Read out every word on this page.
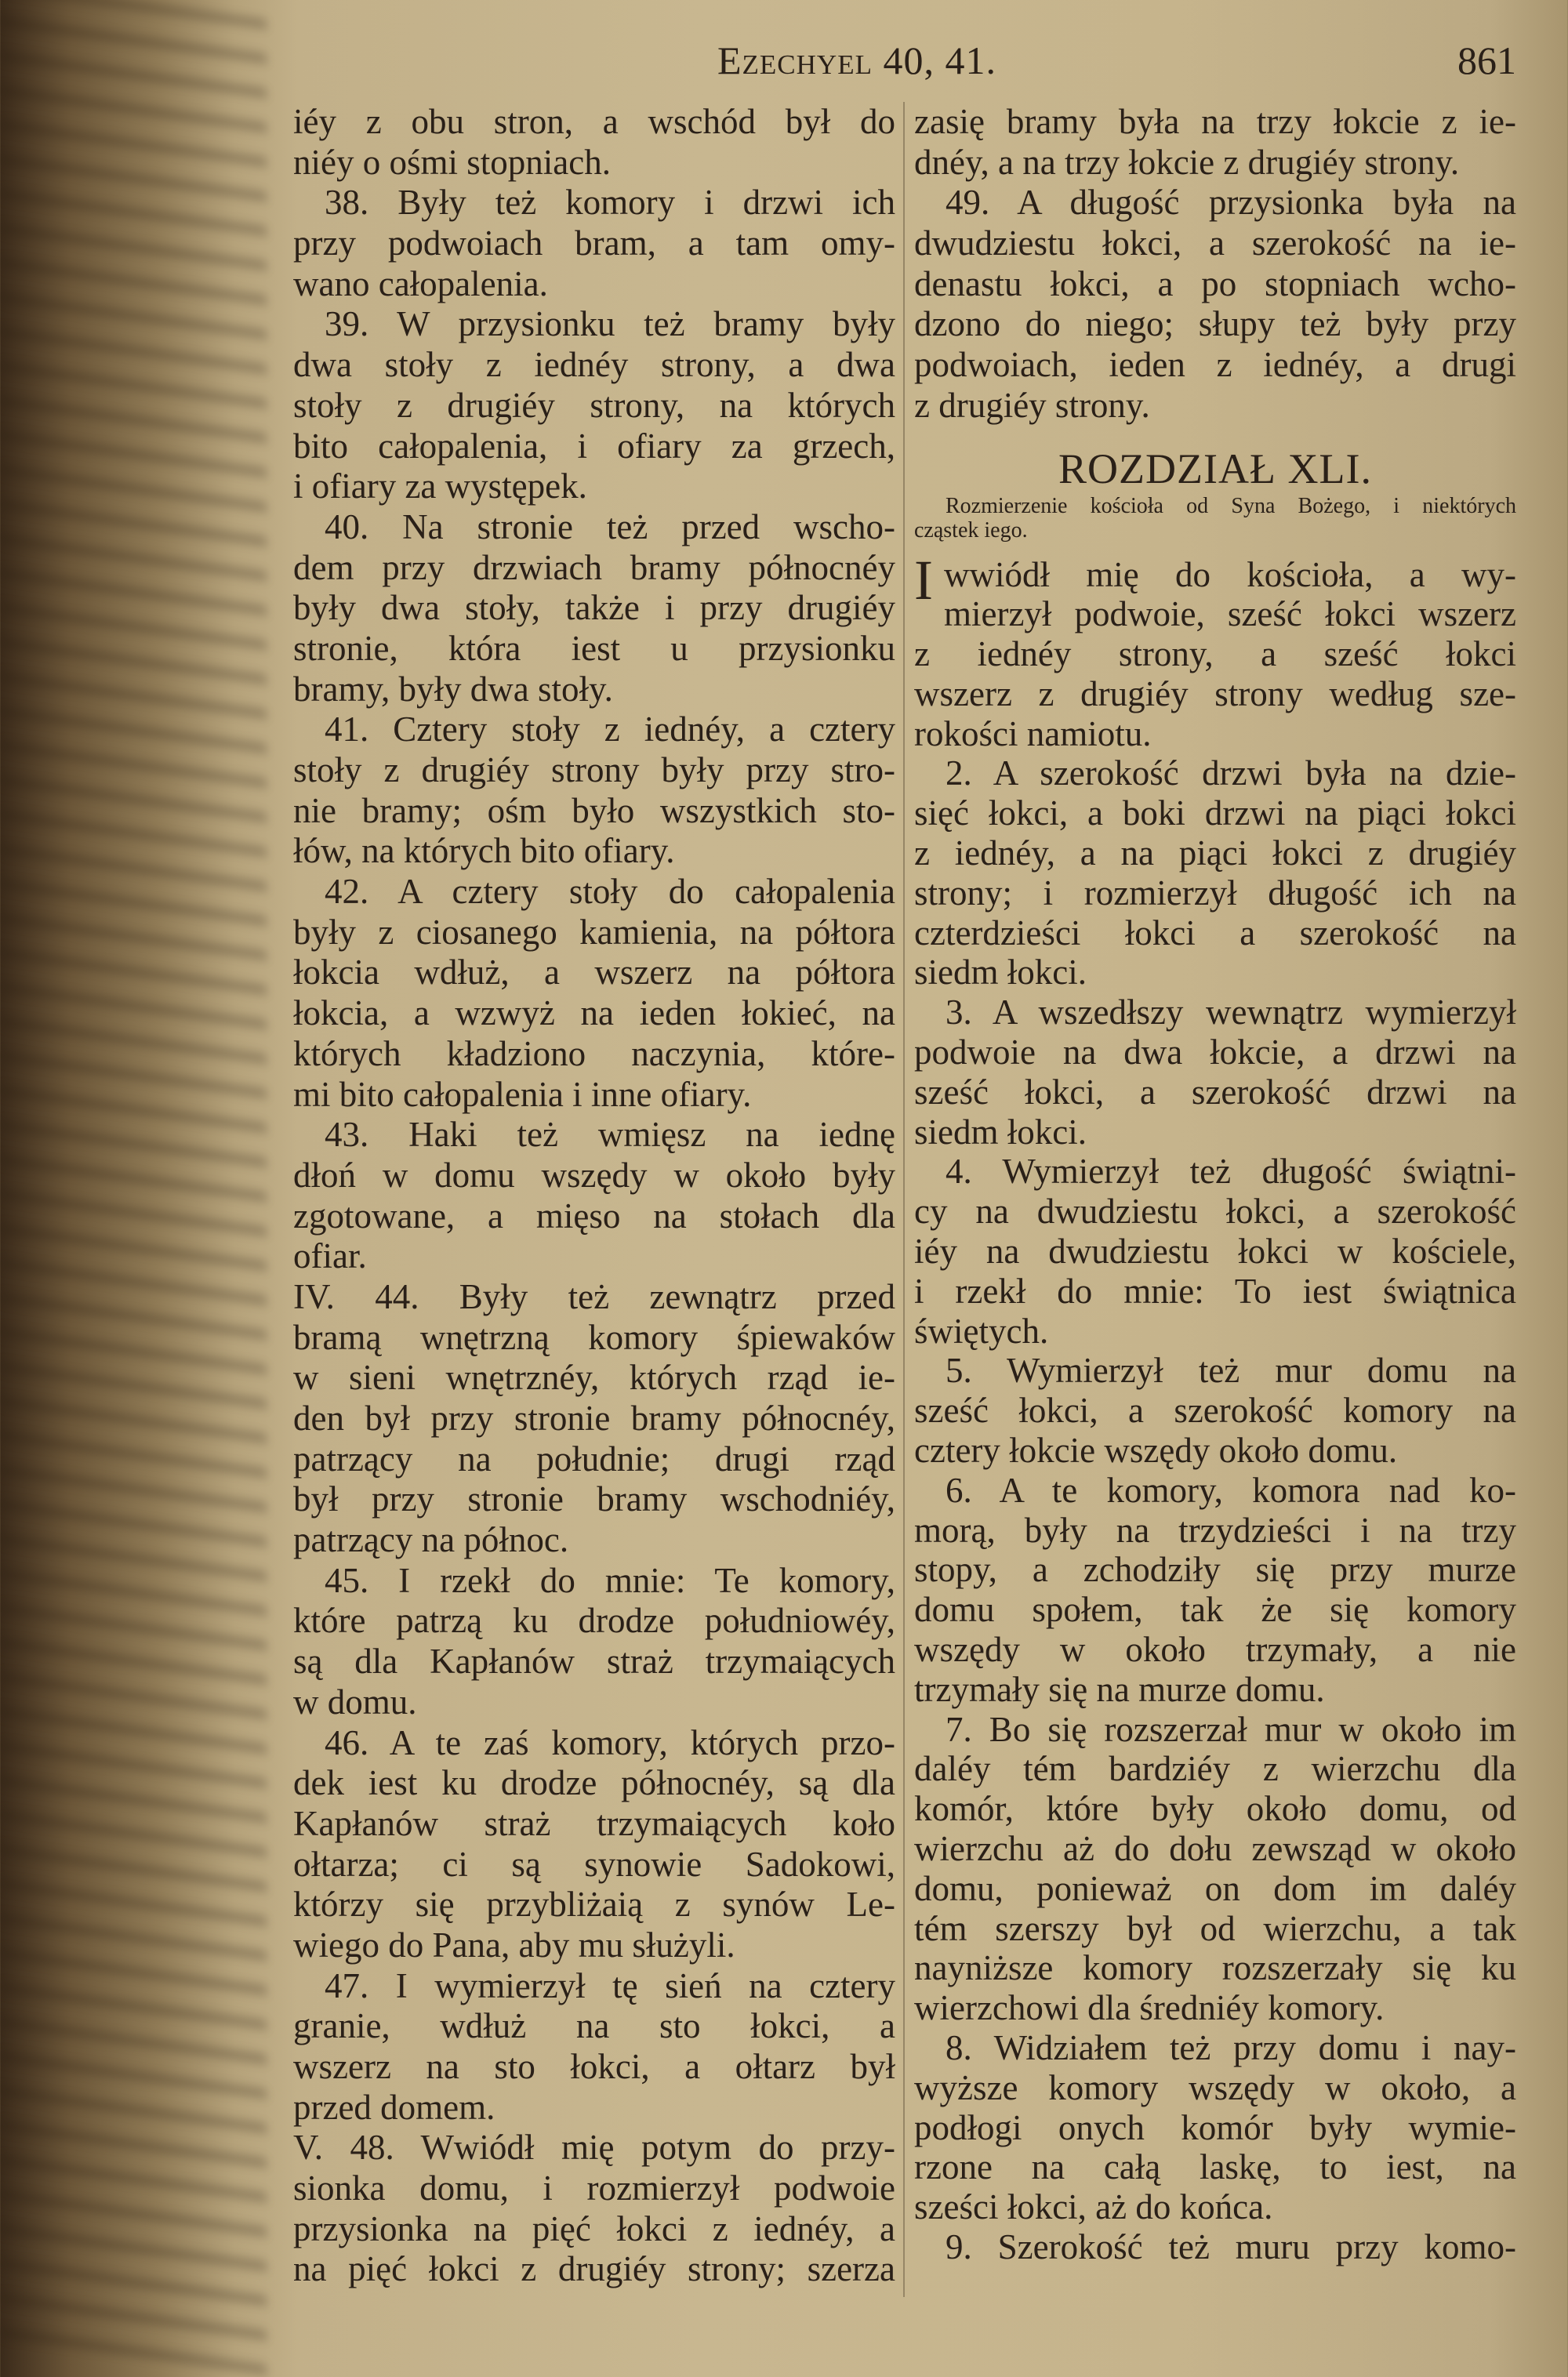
Ezechyel 40, 41.	861
iéy z obu stron, a wschód był do
niéy o ośmi stopniach.
38. Były też komory i drzwi ich
przy podwoiach bram, a tam omy-
wano całopalenia.
39. W przysionku też bramy były
dwa stoły z iednéy strony, a dwa
stoły z drugiéy strony, na których
bito całopalenia, i ofiary za grzech,
i ofiary za występek.
40. Na stronie też przed wscho-
dem przy drzwiach bramy północnéy
były dwa stoły, także i przy drugiéy
stronie, która iest u przysionku
bramy, były dwa stoły.
41. Cztery stoły z iednéy, a cztery
stoły z drugiéy strony były przy stro-
nie bramy; ośm było wszystkich sto-
łów, na których bito ofiary.
42. A cztery stoły do całopalenia
były z ciosanego kamienia, na półtora
łokcia wdłuż, a wszerz na półtora
łokcia, a wzwyż na ieden łokieć, na
których kładziono naczynia, które-
mi bito całopalenia i inne ofiary.
43. Haki też wmięsz na iednę
dłoń w domu wszędy w około były
zgotowane, a mięso na stołach dla
ofiar.
IV. 44. Były też zewnątrz przed
bramą wnętrzną komory śpiewaków
w sieni wnętrznéy, których rząd ie-
den był przy stronie bramy północnéy,
patrzący na południe; drugi rząd
był przy stronie bramy wschodniéy,
patrzący na północ.
45. I rzekł do mnie: Te komory,
które patrzą ku drodze południowéy,
są dla Kapłanów straż trzymaiących
w domu.
46. A te zaś komory, których przo-
dek iest ku drodze północnéy, są dla
Kapłanów straż trzymaiących koło
ołtarza; ci są synowie Sadokowi,
którzy się przybliżaią z synów Le-
wiego do Pana, aby mu służyli.
47. I wymierzył tę sień na cztery
granie, wdłuż na sto łokci, a
wszerz na sto łokci, a ołtarz był
przed domem.
V. 48. Wwiódł mię potym do przy-
sionka domu, i rozmierzył podwoie
przysionka na pięć łokci z iednéy, a
na pięć łokci z drugiéy strony; szerza
zasię bramy była na trzy łokcie z ie-
dnéy, a na trzy łokcie z drugiéy strony.
49. A długość przysionka była na
dwudziestu łokci, a szerokość na ie-
denastu łokci, a po stopniach wcho-
dzono do niego; słupy też były przy
podwoiach, ieden z iednéy, a drugi
z drugiéy strony.
ROZDZIAŁ XLI.
Rozmierzenie kościoła od Syna Bożego, i niektórych
cząstek iego.
I wwiódł mię do kościoła, a wy-
mierzył podwoie, sześć łokci wszerz
z iednéy strony, a sześć łokci
wszerz z drugiéy strony według sze-
rokości namiotu.
2. A szerokość drzwi była na dzie-
sięć łokci, a boki drzwi na piąci łokci
z iednéy, a na piąci łokci z drugiéy
strony; i rozmierzył długość ich na
czterdzieści łokci a szerokość na
siedm łokci.
3. A wszedłszy wewnątrz wymierzył
podwoie na dwa łokcie, a drzwi na
sześć łokci, a szerokość drzwi na
siedm łokci.
4. Wymierzył też długość świątni-
cy na dwudziestu łokci, a szerokość
iéy na dwudziestu łokci w kościele,
i rzekł do mnie: To iest świątnica
świętych.
5. Wymierzył też mur domu na
sześć łokci, a szerokość komory na
cztery łokcie wszędy około domu.
6. A te komory, komora nad ko-
morą, były na trzydzieści i na trzy
stopy, a zchodziły się przy murze
domu społem, tak że się komory
wszędy w około trzymały, a nie
trzymały się na murze domu.
7. Bo się rozszerzał mur w około im
daléy tém bardziéy z wierzchu dla
komór, które były około domu, od
wierzchu aż do dołu zewsząd w około
domu, ponieważ on dom im daléy
tém szerszy był od wierzchu, a tak
nayniższe komory rozszerzały się ku
wierzchowi dla średniéy komory.
8. Widziałem też przy domu i nay-
wyższe komory wszędy w około, a
podłogi onych komór były wymie-
rzone na całą laskę, to iest, na
sześci łokci, aż do końca.
9. Szerokość też muru przy komo-
